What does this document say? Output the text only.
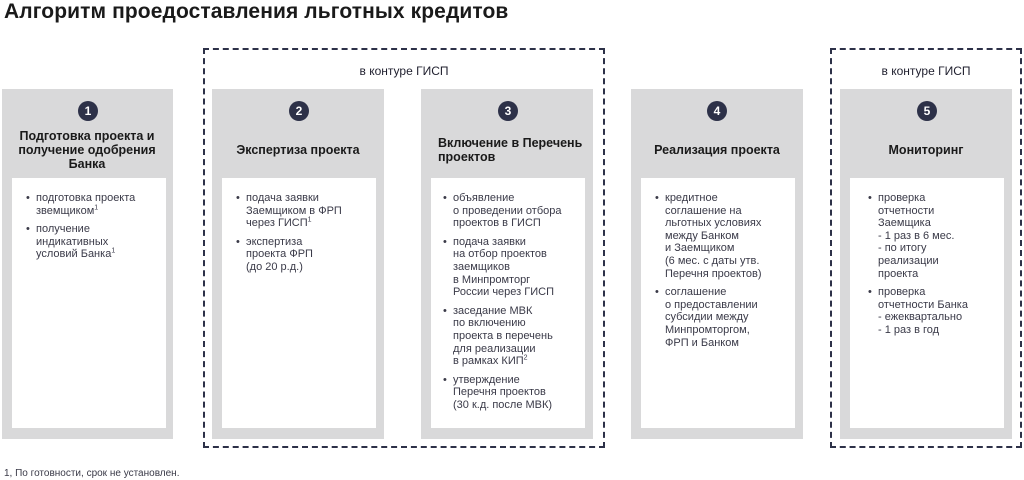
Алгоритм проедоставления льготных кредитов
в контуре ГИСП	в контуре ГИСП
1
Подготовка проекта и получение одобрения Банка
• подготовка проекта
звемщиком$^1$
• получение
индикативных
условий Банка$^1$
2
Экспертиза проекта
• подача заявки
Заемщиком в ФРП
через ГИСП$^1$
• экспертиза
проекта ФРП
(до 20 р.д.)
3
Включение в Перечень проектов
• объявление
о проведении отбора
проектов в ГИСП
• подача заявки
на отбор проектов
заемщиков
в Минпромторг
России через ГИСП
• заседание МВК
по включению
проекта в перечень
для реализации
в рамках КИП$^2$
• утверждение
Перечня проектов
(30 к.д. после МВК)
4
Реализация проекта
• кредитное
соглашение на
льготных условиях
между Банком
и Заемщиком
(6 мес. с даты утв.
Перечня проектов)
• соглашение
о предоставлении
субсидии между
Минпромторгом,
ФРП и Банком
5
Мониторинг
• проверка
отчетности
Заемщика
- 1 раз в 6 мес.
- по итогу
реализации
проекта
• проверка
отчетности Банка
- ежеквартально
- 1 раз в год
1, По готовности, срок не установлен.
